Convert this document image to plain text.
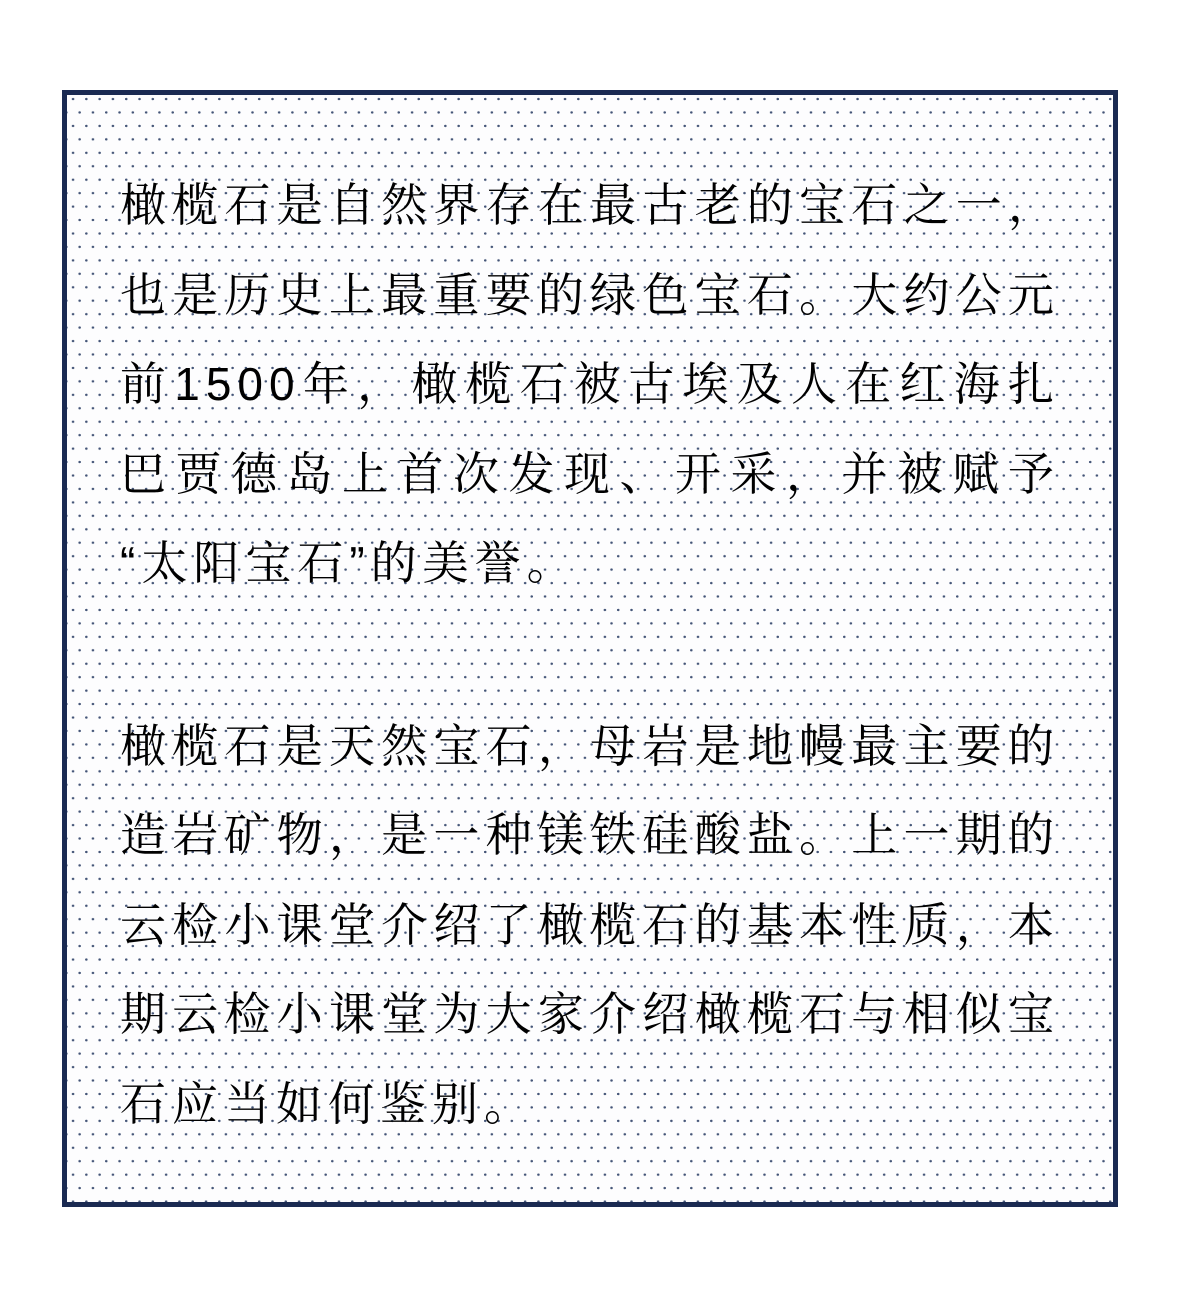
橄榄石是自然界存在最古老的宝石之一，
也是历史上最重要的绿色宝石。大约公元
前1500年，橄榄石被古埃及人在红海扎
巴贾德岛上首次发现、开采，并被赋予
“太阳宝石”的美誉。
橄榄石是天然宝石，母岩是地幔最主要的
造岩矿物，是一种镁铁硅酸盐。上一期的
云检小课堂介绍了橄榄石的基本性质，本
期云检小课堂为大家介绍橄榄石与相似宝
石应当如何鉴别。
